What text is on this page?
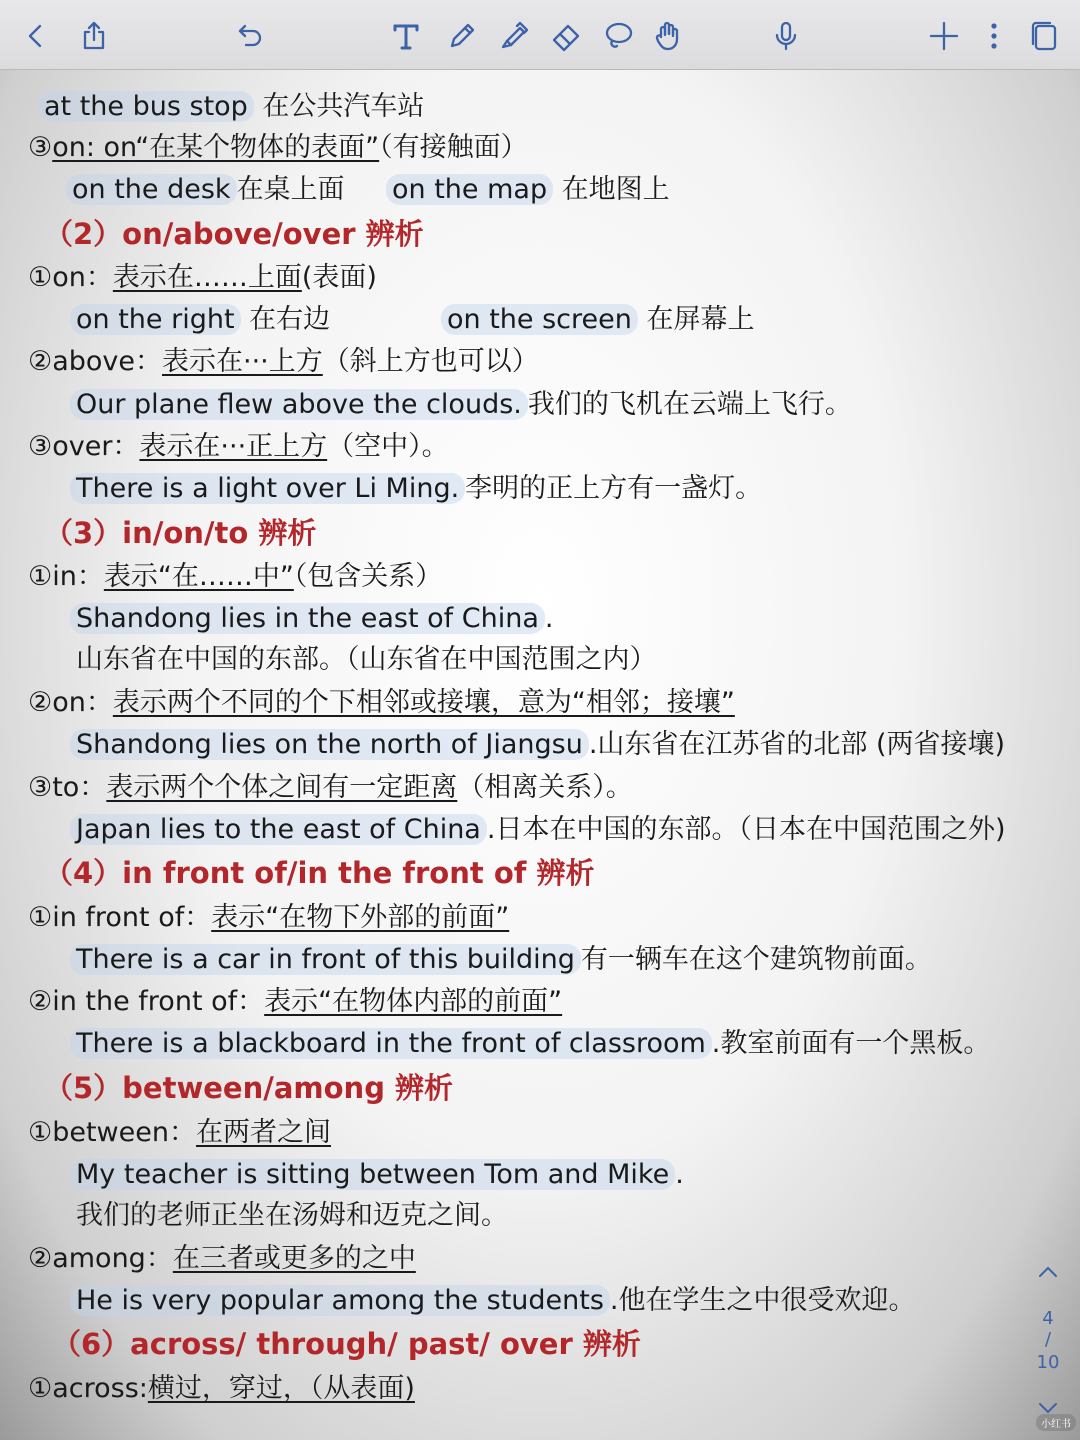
at the bus stop 在公共汽车站
③on: on“在某个物体的表面”（有接触面）
on the desk 在桌上面 on the map 在地图上
（2）on/above/over 辨析
①on：表示在……上面(表面)
on the right 在右边	on the screen 在屏幕上
②above：表示在···上方（斜上方也可以）
Our plane flew above the clouds. 我们的飞机在云端上飞行。
③over：表示在···正上方（空中）。
There is a light over Li Ming. 李明的正上方有一盏灯。
（3）in/on/to 辨析
①in：表示“在……中”（包含关系）
Shandong lies in the east of China .
山东省在中国的东部。（山东省在中国范围之内）
②on：表示两个不同的个下相邻或接壤，意为“相邻；接壤”
Shandong lies on the north of Jiangsu .山东省在江苏省的北部 (两省接壤)
③to：表示两个个体之间有一定距离（相离关系）。
Japan lies to the east of China .日本在中国的东部。（日本在中国范围之外)
（4）in front of/in the front of 辨析
①in front of：表示“在物下外部的前面”
There is a car in front of this building 有一辆车在这个建筑物前面。
②in the front of：表示“在物体内部的前面”
There is a blackboard in the front of classroom .教室前面有一个黑板。
（5）between/among 辨析
①between：在两者之间
My teacher is sitting between Tom and Mike .
我们的老师正坐在汤姆和迈克之间。
②among：在三者或更多的之中
He is very popular among the students .他在学生之中很受欢迎。
（6）across/ through/ past/ over 辨析
①across:横过，穿过，（从表面)
4
/
10
小红书
